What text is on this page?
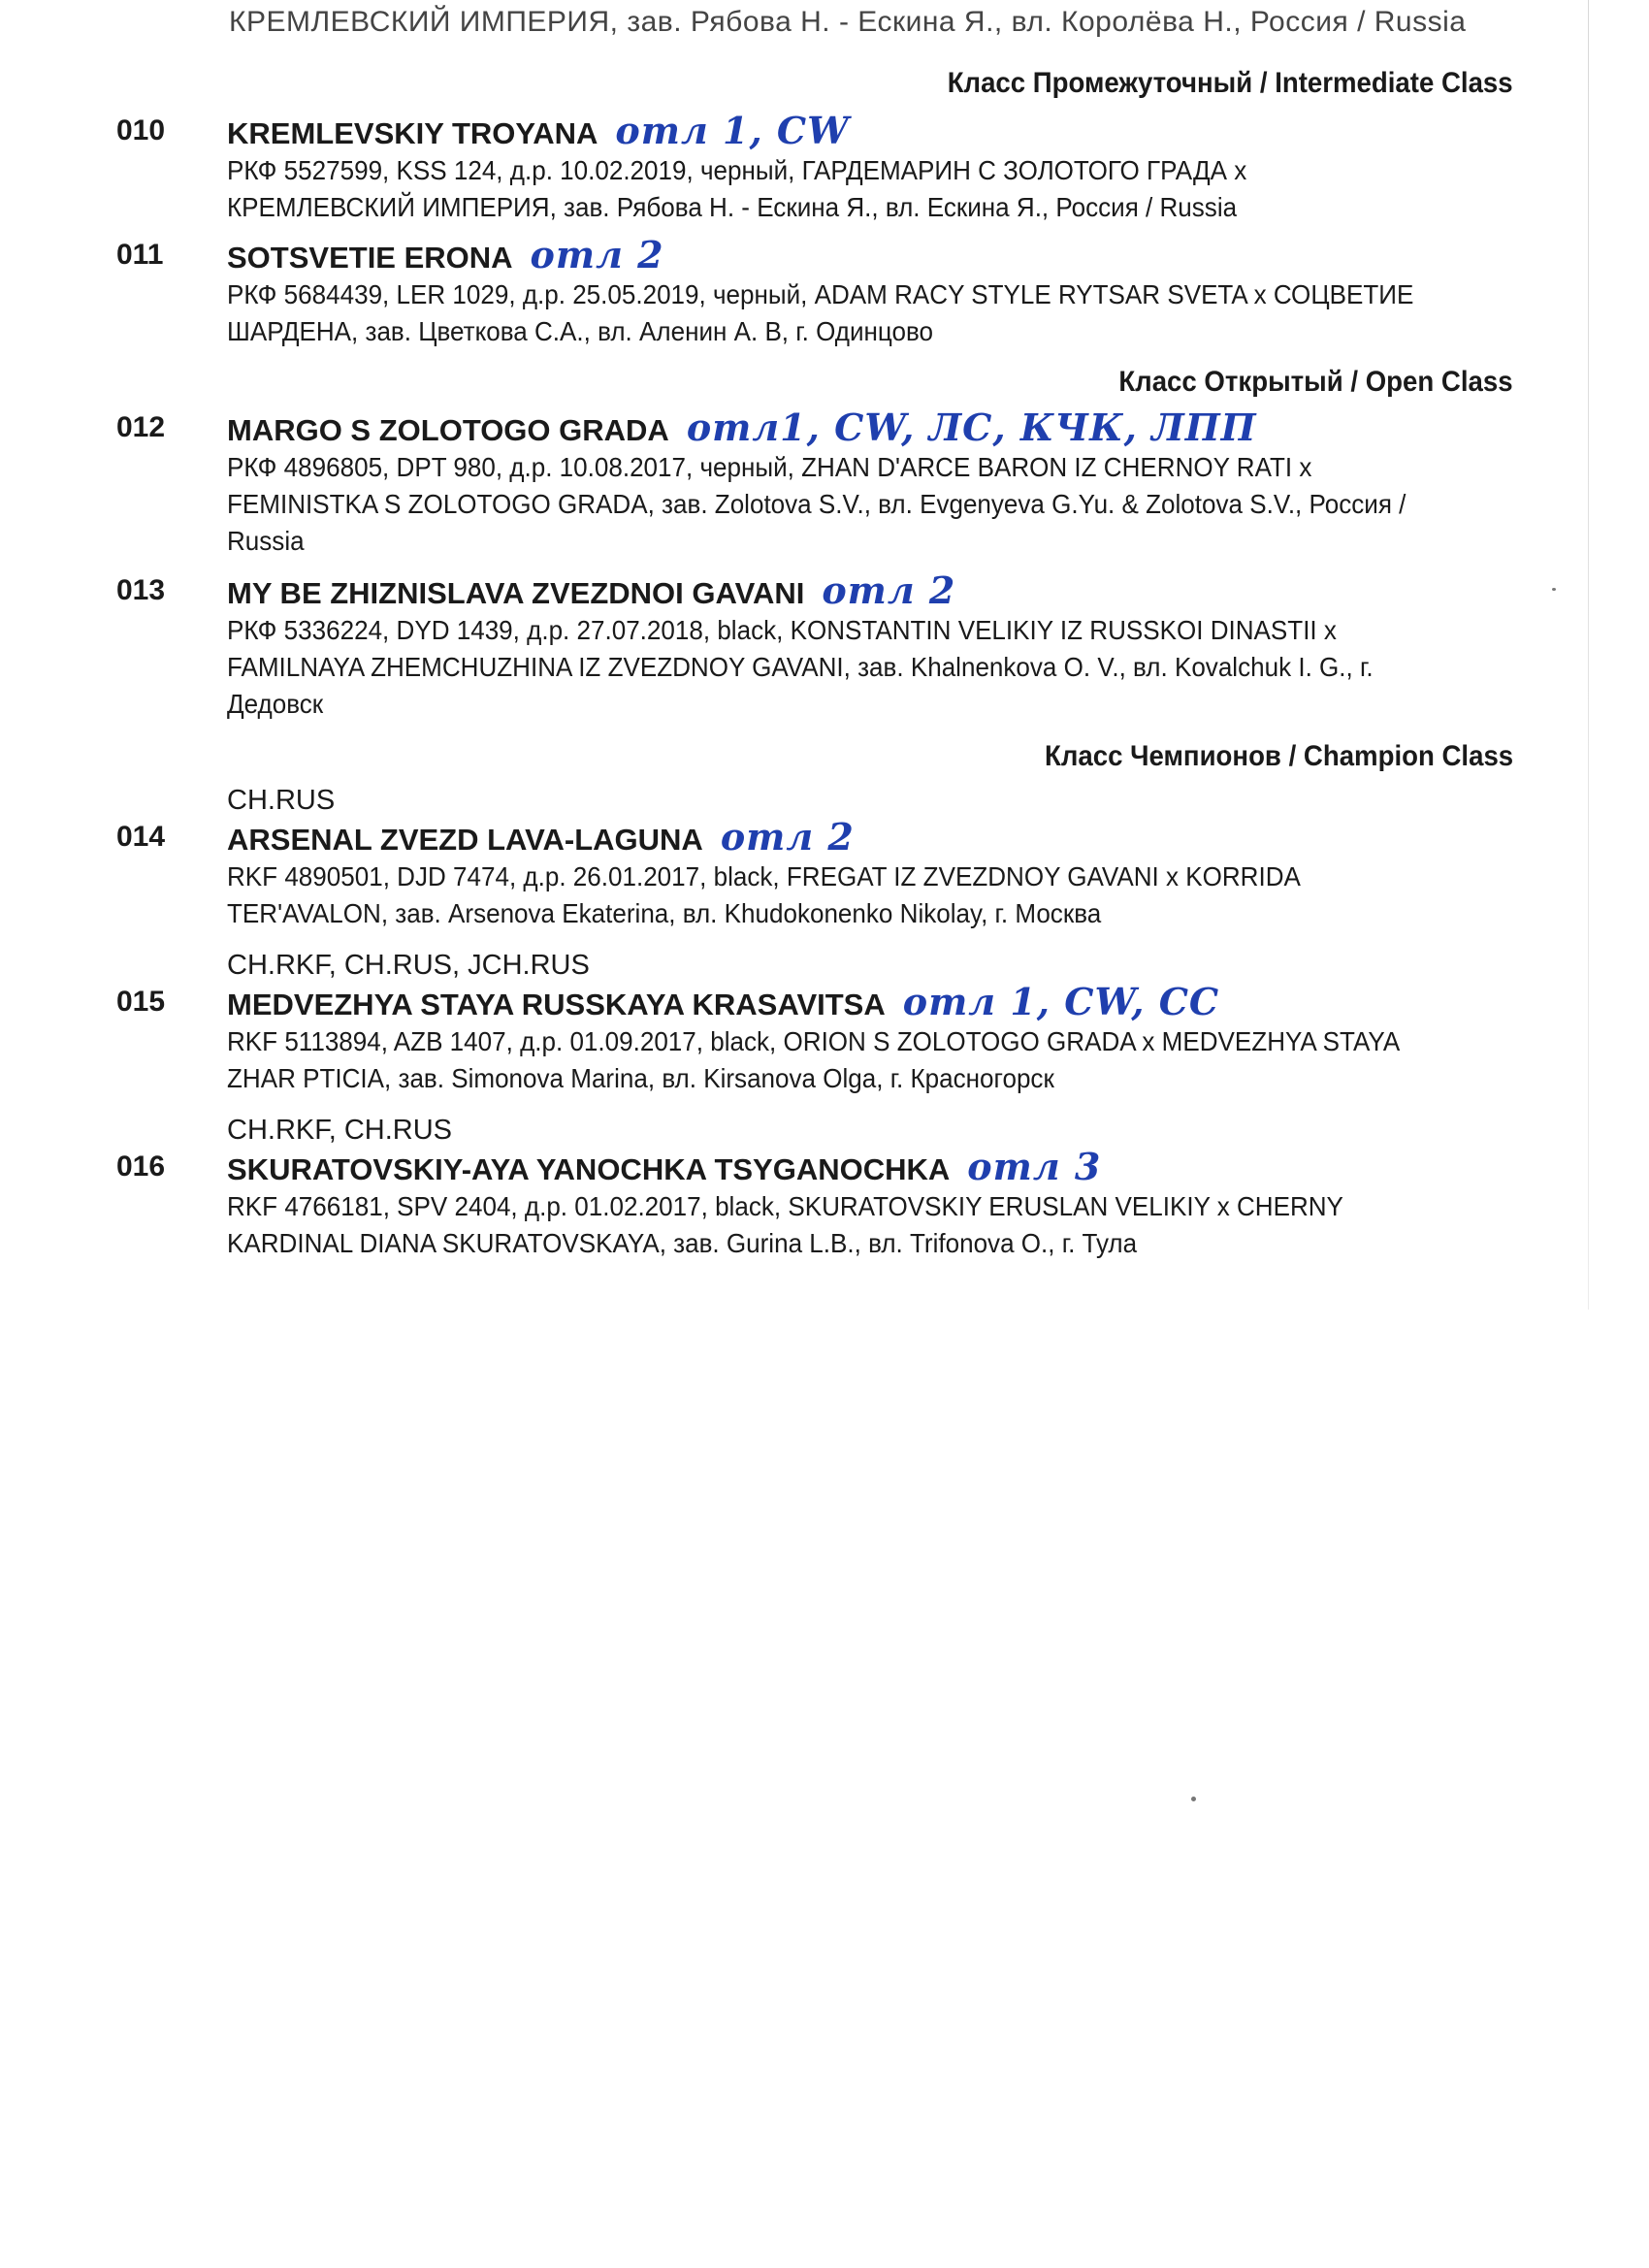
КРЕМЛЕВСКИЙ ИМПЕРИЯ, зав. Рябова Н. - Ескина Я., вл. Королёва Н., Россия / Russia
Класс Промежуточный / Intermediate Class
010 KREMLEVSKIY TROYANA отл 1, CW
РКФ 5527599, KSS 124, д.р. 10.02.2019, черный, ГАРДЕМАРИН С ЗОЛОТОГО ГРАДА x КРЕМЛЕВСКИЙ ИМПЕРИЯ, зав. Рябова Н. - Ескина Я., вл. Ескина Я., Россия / Russia
011 SOTSVETIE ERONA отл 2
РКФ 5684439, LER 1029, д.р. 25.05.2019, черный, ADAM RACY STYLE RYTSAR SVETA x СОЦВЕТИЕ ШАРДЕНА, зав. Цветкова С.А., вл. Аленин А. В, г. Одинцово
Класс Открытый / Open Class
012 MARGO S ZOLOTOGO GRADA отл1, CW, ЛС, КЧК, ЛПП
РКФ 4896805, DPT 980, д.р. 10.08.2017, черный, ZHAN D'ARCE BARON IZ CHERNOY RATI x FEMINISTKA S ZOLOTOGO GRADA, зав. Zolotova S.V., вл. Evgenyeva G.Yu. & Zolotova S.V., Россия / Russia
013 MY BE ZHIZNISLAVA ZVEZDNOI GAVANI отл 2
РКФ 5336224, DYD 1439, д.р. 27.07.2018, black, KONSTANTIN VELIKIY IZ RUSSKOI DINASTII x FAMILNAYA ZHEMCHUZHINA IZ ZVEZDNOY GAVANI, зав. Khalnenkova O. V., вл. Kovalchuk I. G., г. Дедовск
Класс Чемпионов / Champion Class
CH.RUS
014 ARSENAL ZVEZD LAVA-LAGUNA отл 2
RKF 4890501, DJD 7474, д.р. 26.01.2017, black, FREGAT IZ ZVEZDNOY GAVANI x KORRIDA TER'AVALON, зав. Arsenova Ekaterina, вл. Khudokonenko Nikolay, г. Москва
CH.RKF, CH.RUS, JCH.RUS
015 MEDVEZHYA STAYA RUSSKAYA KRASAVITSA отл 1, CW, CC
RKF 5113894, AZB 1407, д.р. 01.09.2017, black, ORION S ZOLOTOGO GRADA x MEDVEZHYA STAYA ZHAR PTICIA, зав. Simonova Marina, вл. Kirsanova Olga, г. Красногорск
CH.RKF, CH.RUS
016 SKURATOVSKIY-AYA YANOCHKA TSYGANOCHKA отл 3
RKF 4766181, SPV 2404, д.р. 01.02.2017, black, SKURATOVSKIY ERUSLAN VELIKIY x CHERNY KARDINAL DIANA SKURATOVSKAYA, зав. Gurina L.B., вл. Trifonova O., г. Тула
